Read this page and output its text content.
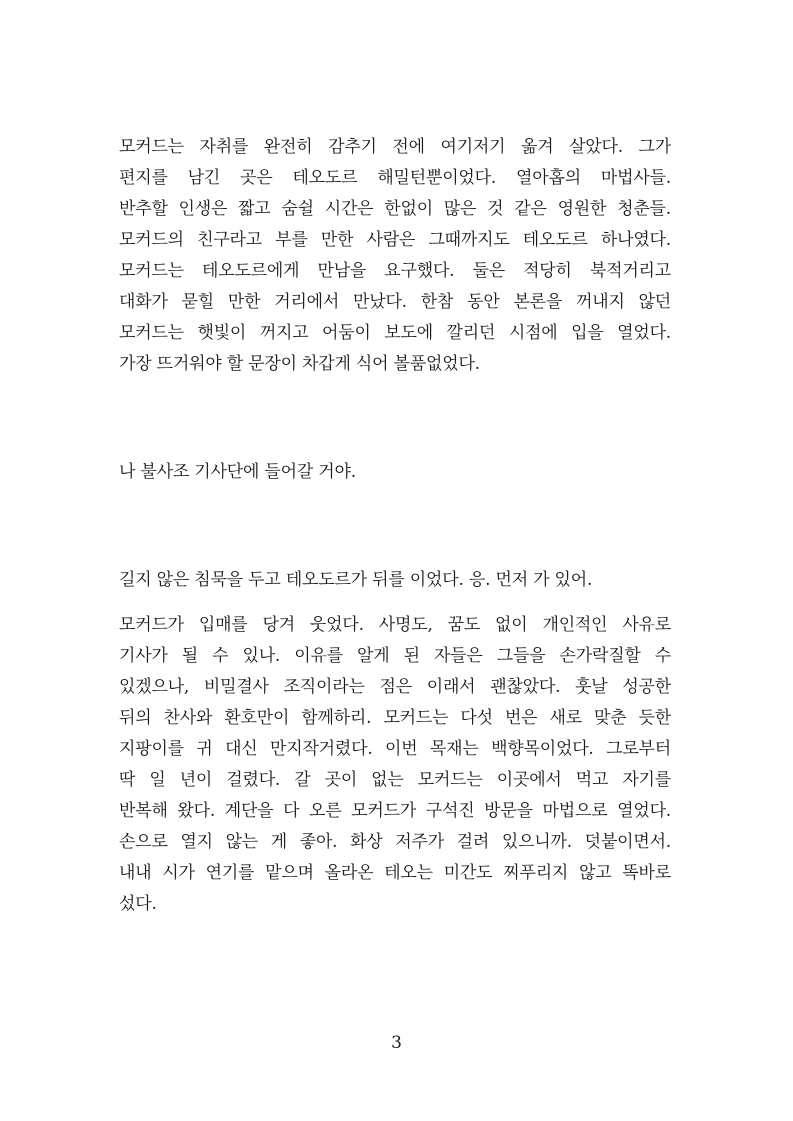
모커드는 자취를 완전히 감추기 전에 여기저기 옮겨 살았다. 그가
편지를 남긴 곳은 테오도르 해밀턴뿐이었다. 열아홉의 마법사들.
반추할 인생은 짧고 숨쉴 시간은 한없이 많은 것 같은 영원한 청춘들.
모커드의 친구라고 부를 만한 사람은 그때까지도 테오도르 하나였다.
모커드는 테오도르에게 만남을 요구했다. 둘은 적당히 북적거리고
대화가 묻힐 만한 거리에서 만났다. 한참 동안 본론을 꺼내지 않던
모커드는 햇빛이 꺼지고 어둠이 보도에 깔리던 시점에 입을 열었다.
가장 뜨거워야 할 문장이 차갑게 식어 볼품없었다.

나 불사조 기사단에 들어갈 거야.

길지 않은 침묵을 두고 테오도르가 뒤를 이었다. 응. 먼저 가 있어.

모커드가 입매를 당겨 웃었다. 사명도, 꿈도 없이 개인적인 사유로
기사가 될 수 있나. 이유를 알게 된 자들은 그들을 손가락질할 수
있겠으나, 비밀결사 조직이라는 점은 이래서 괜찮았다. 훗날 성공한
뒤의 찬사와 환호만이 함께하리. 모커드는 다섯 번은 새로 맞춘 듯한
지팡이를 귀 대신 만지작거렸다. 이번 목재는 백향목이었다. 그로부터
딱 일 년이 걸렸다. 갈 곳이 없는 모커드는 이곳에서 먹고 자기를
반복해 왔다. 계단을 다 오른 모커드가 구석진 방문을 마법으로 열었다.
손으로 열지 않는 게 좋아. 화상 저주가 걸려 있으니까. 덧붙이면서.
내내 시가 연기를 맡으며 올라온 테오는 미간도 찌푸리지 않고 똑바로
섰다.

3
